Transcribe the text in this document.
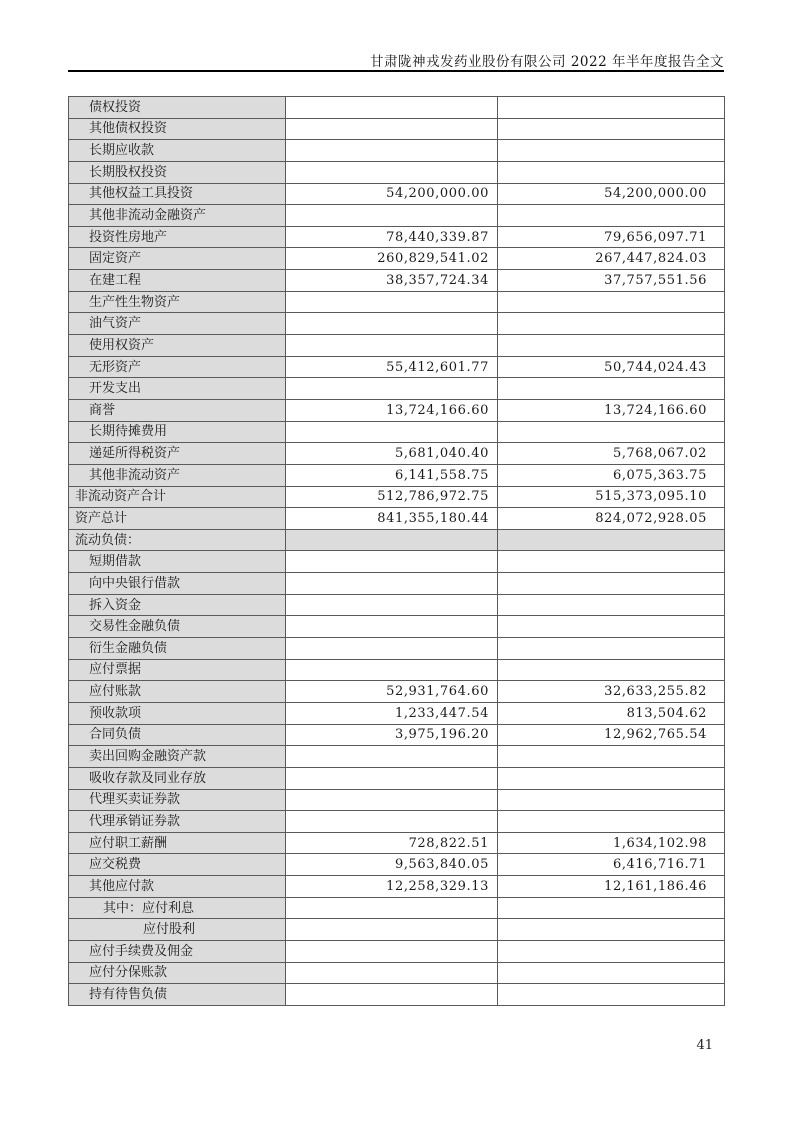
甘肃陇神戎发药业股份有限公司 2022 年半年度报告全文
债权投资		
其他债权投资		
长期应收款		
长期股权投资		
其他权益工具投资	54,200,000.00	54,200,000.00
其他非流动金融资产		
投资性房地产	78,440,339.87	79,656,097.71
固定资产	260,829,541.02	267,447,824.03
在建工程	38,357,724.34	37,757,551.56
生产性生物资产		
油气资产		
使用权资产		
无形资产	55,412,601.77	50,744,024.43
开发支出		
商誉	13,724,166.60	13,724,166.60
长期待摊费用		
递延所得税资产	5,681,040.40	5,768,067.02
其他非流动资产	6,141,558.75	6,075,363.75
非流动资产合计	512,786,972.75	515,373,095.10
资产总计	841,355,180.44	824,072,928.05
流动负债：		
短期借款		
向中央银行借款		
拆入资金		
交易性金融负债		
衍生金融负债		
应付票据		
应付账款	52,931,764.60	32,633,255.82
预收款项	1,233,447.54	813,504.62
合同负债	3,975,196.20	12,962,765.54
卖出回购金融资产款		
吸收存款及同业存放		
代理买卖证券款		
代理承销证券款		
应付职工薪酬	728,822.51	1,634,102.98
应交税费	9,563,840.05	6,416,716.71
其他应付款	12,258,329.13	12,161,186.46
其中：应付利息		
应付股利		
应付手续费及佣金		
应付分保账款		
持有待售负债		
41
